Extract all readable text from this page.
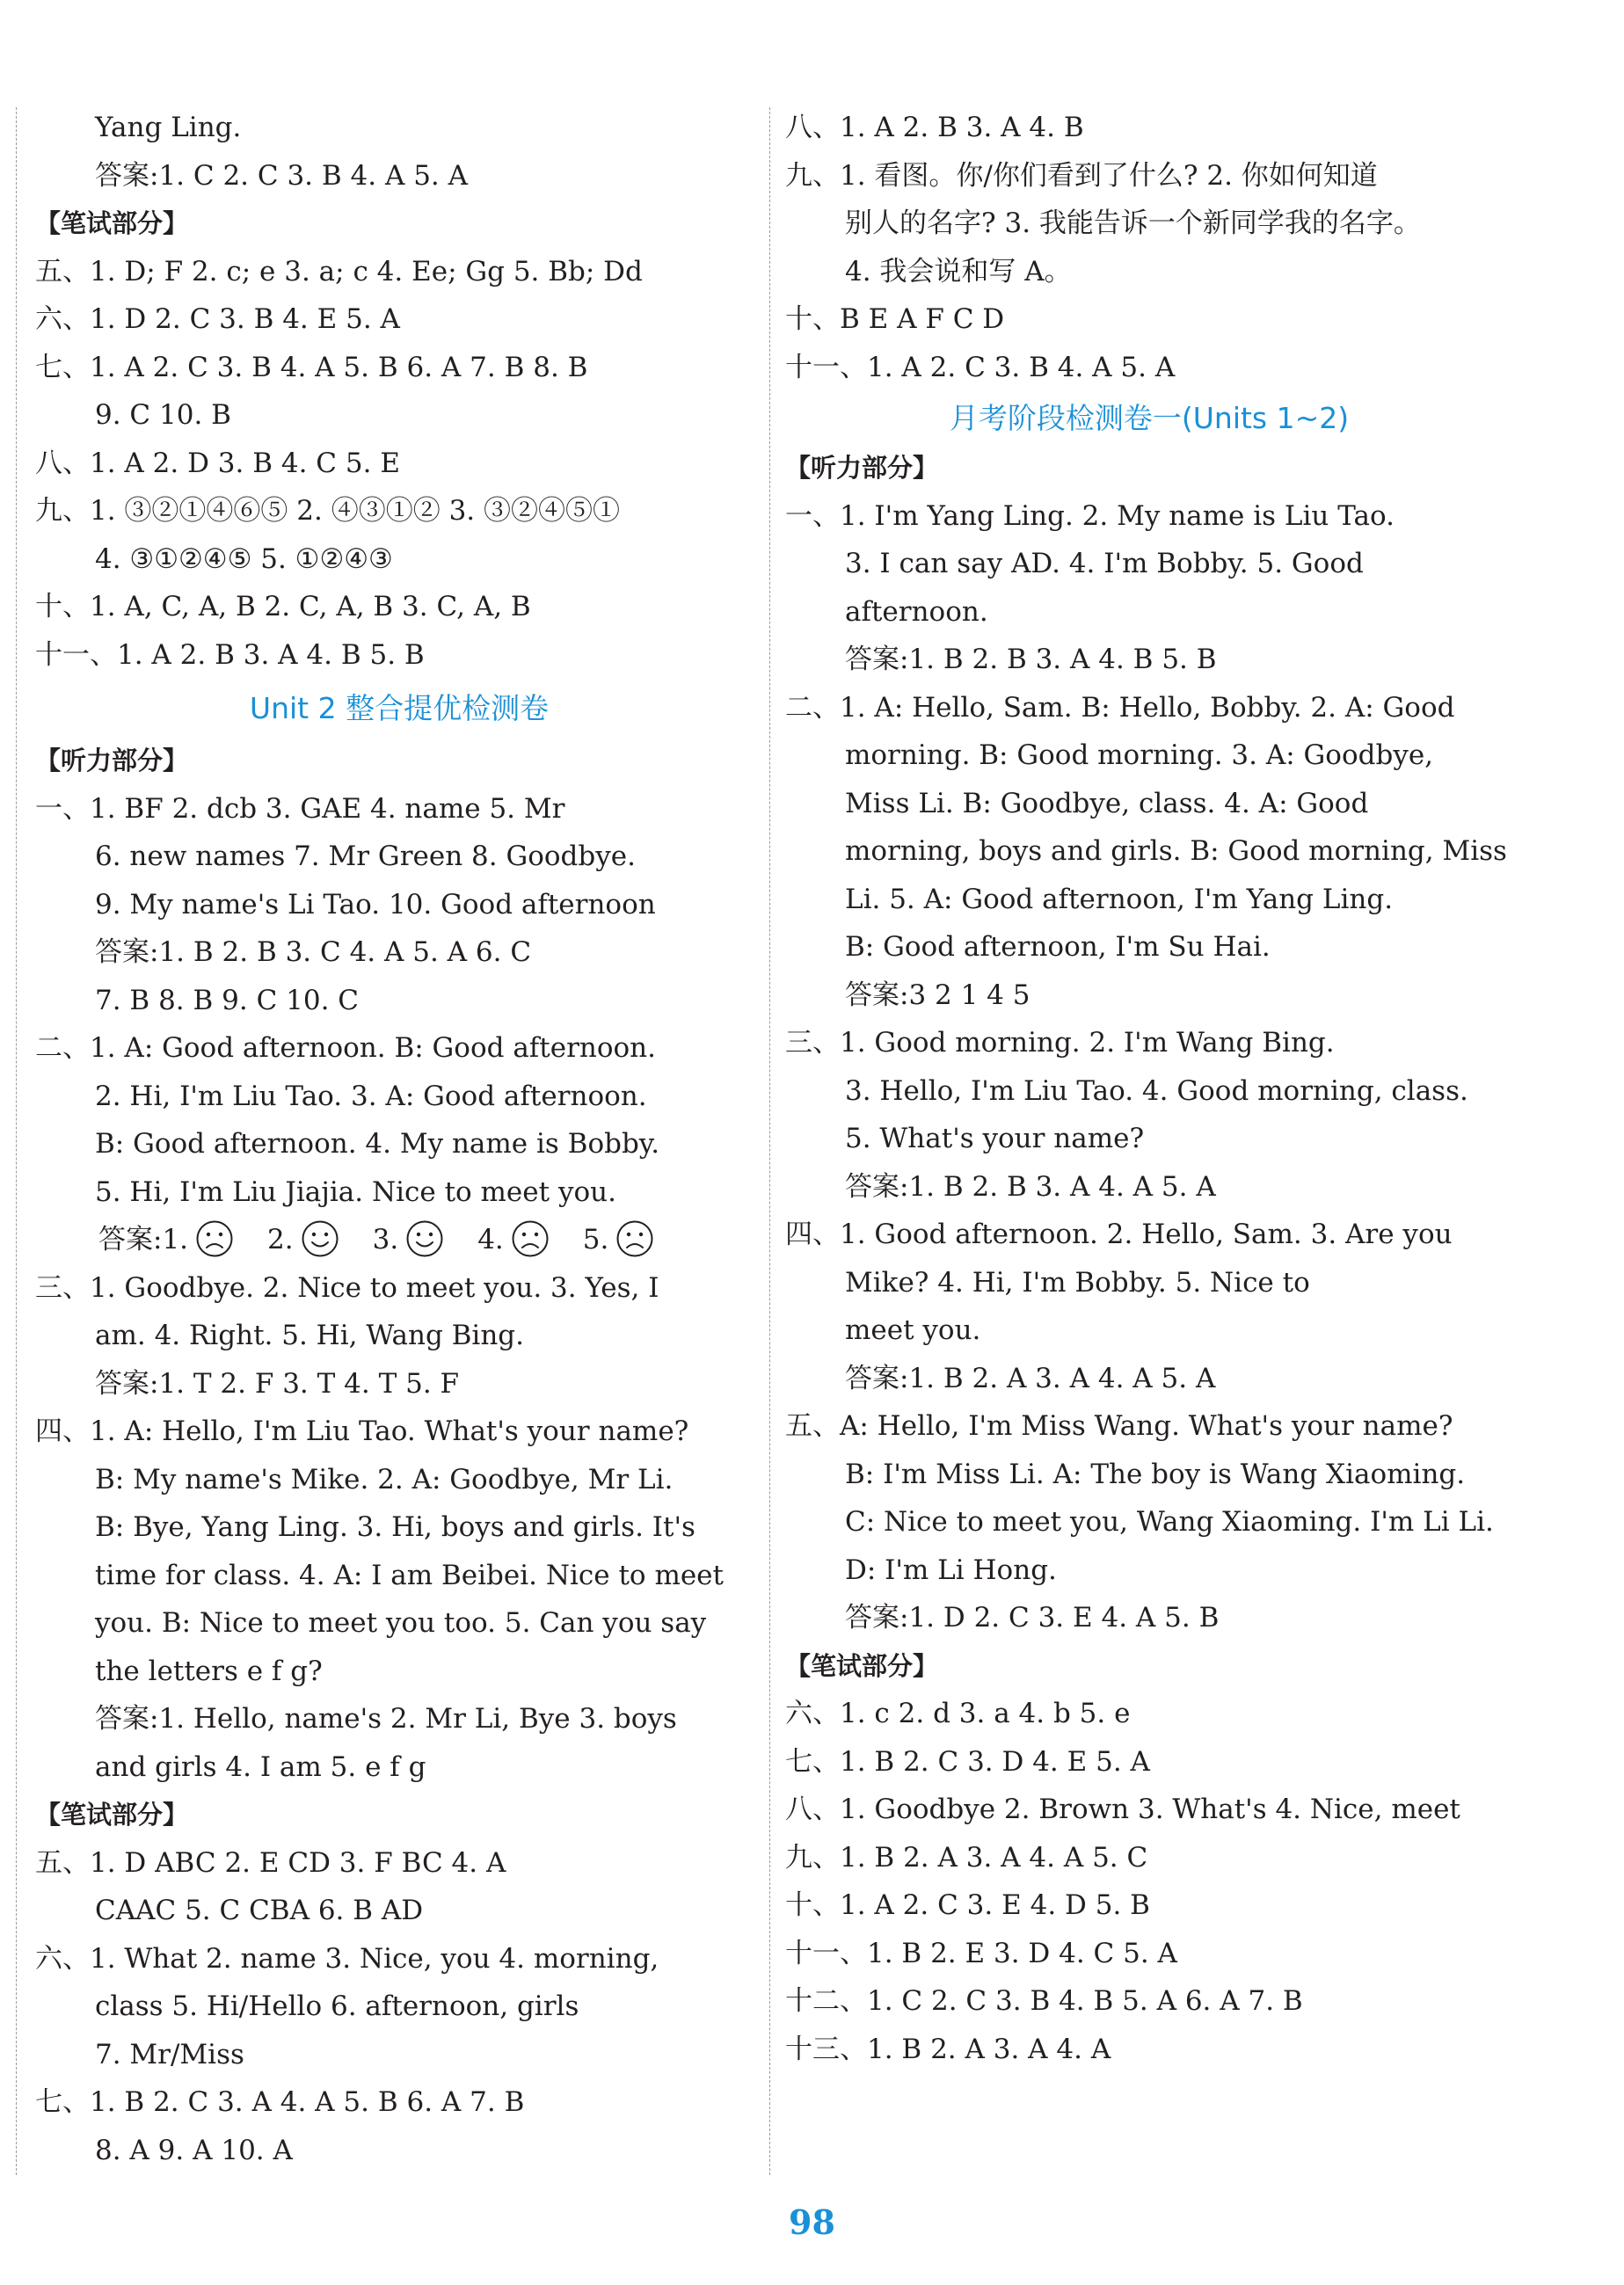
Yang Ling.
答案:1. C 2. C 3. B 4. A 5. A
【笔试部分】
五、1. D; F 2. c; e 3. a; c 4. Ee; Gg 5. Bb; Dd
六、1. D 2. C 3. B 4. E 5. A
七、1. A 2. C 3. B 4. A 5. B 6. A 7. B 8. B
9. C 10. B
八、1. A 2. D 3. B 4. C 5. E
九、1. ③②①④⑥⑤ 2. ④③①② 3. ③②④⑤①
4. ③①②④⑤ 5. ①②④③
十、1. A, C, A, B 2. C, A, B 3. C, A, B
十一、1. A 2. B 3. A 4. B 5. B
Unit 2 整合提优检测卷
【听力部分】
一、1. BF 2. dcb 3. GAE 4. name 5. Mr
6. new names 7. Mr Green 8. Goodbye.
9. My name's Li Tao. 10. Good afternoon
答案:1. B 2. B 3. C 4. A 5. A 6. C
7. B 8. B 9. C 10. C
二、1. A: Good afternoon. B: Good afternoon.
2. Hi, I'm Liu Tao. 3. A: Good afternoon.
B: Good afternoon. 4. My name is Bobby.
5. Hi, I'm Liu Jiajia. Nice to meet you.
答案:1.	2.	3.	4.	5.
三、1. Goodbye. 2. Nice to meet you. 3. Yes, I
am. 4. Right. 5. Hi, Wang Bing.
答案:1. T 2. F 3. T 4. T 5. F
四、1. A: Hello, I'm Liu Tao. What's your name?
B: My name's Mike. 2. A: Goodbye, Mr Li.
B: Bye, Yang Ling. 3. Hi, boys and girls. It's
time for class. 4. A: I am Beibei. Nice to meet
you. B: Nice to meet you too. 5. Can you say
the letters e f g?
答案:1. Hello, name's 2. Mr Li, Bye 3. boys
and girls 4. I am 5. e f g
【笔试部分】
五、1. D ABC 2. E CD 3. F BC 4. A
CAAC 5. C CBA 6. B AD
六、1. What 2. name 3. Nice, you 4. morning,
class 5. Hi/Hello 6. afternoon, girls
7. Mr/Miss
七、1. B 2. C 3. A 4. A 5. B 6. A 7. B
8. A 9. A 10. A
八、1. A 2. B 3. A 4. B
九、1. 看图。你/你们看到了什么? 2. 你如何知道
别人的名字? 3. 我能告诉一个新同学我的名字。
4. 我会说和写 A。
十、B E A F C D
十一、1. A 2. C 3. B 4. A 5. A
月考阶段检测卷一(Units 1~2)
【听力部分】
一、1. I'm Yang Ling. 2. My name is Liu Tao.
3. I can say AD. 4. I'm Bobby. 5. Good
afternoon.
答案:1. B 2. B 3. A 4. B 5. B
二、1. A: Hello, Sam. B: Hello, Bobby. 2. A: Good
morning. B: Good morning. 3. A: Goodbye,
Miss Li. B: Goodbye, class. 4. A: Good
morning, boys and girls. B: Good morning, Miss
Li. 5. A: Good afternoon, I'm Yang Ling.
B: Good afternoon, I'm Su Hai.
答案:3 2 1 4 5
三、1. Good morning. 2. I'm Wang Bing.
3. Hello, I'm Liu Tao. 4. Good morning, class.
5. What's your name?
答案:1. B 2. B 3. A 4. A 5. A
四、1. Good afternoon. 2. Hello, Sam. 3. Are you
Mike? 4. Hi, I'm Bobby. 5. Nice to
meet you.
答案:1. B 2. A 3. A 4. A 5. A
五、A: Hello, I'm Miss Wang. What's your name?
B: I'm Miss Li. A: The boy is Wang Xiaoming.
C: Nice to meet you, Wang Xiaoming. I'm Li Li.
D: I'm Li Hong.
答案:1. D 2. C 3. E 4. A 5. B
【笔试部分】
六、1. c 2. d 3. a 4. b 5. e
七、1. B 2. C 3. D 4. E 5. A
八、1. Goodbye 2. Brown 3. What's 4. Nice, meet
九、1. B 2. A 3. A 4. A 5. C
十、1. A 2. C 3. E 4. D 5. B
十一、1. B 2. E 3. D 4. C 5. A
十二、1. C 2. C 3. B 4. B 5. A 6. A 7. B
十三、1. B 2. A 3. A 4. A
98
